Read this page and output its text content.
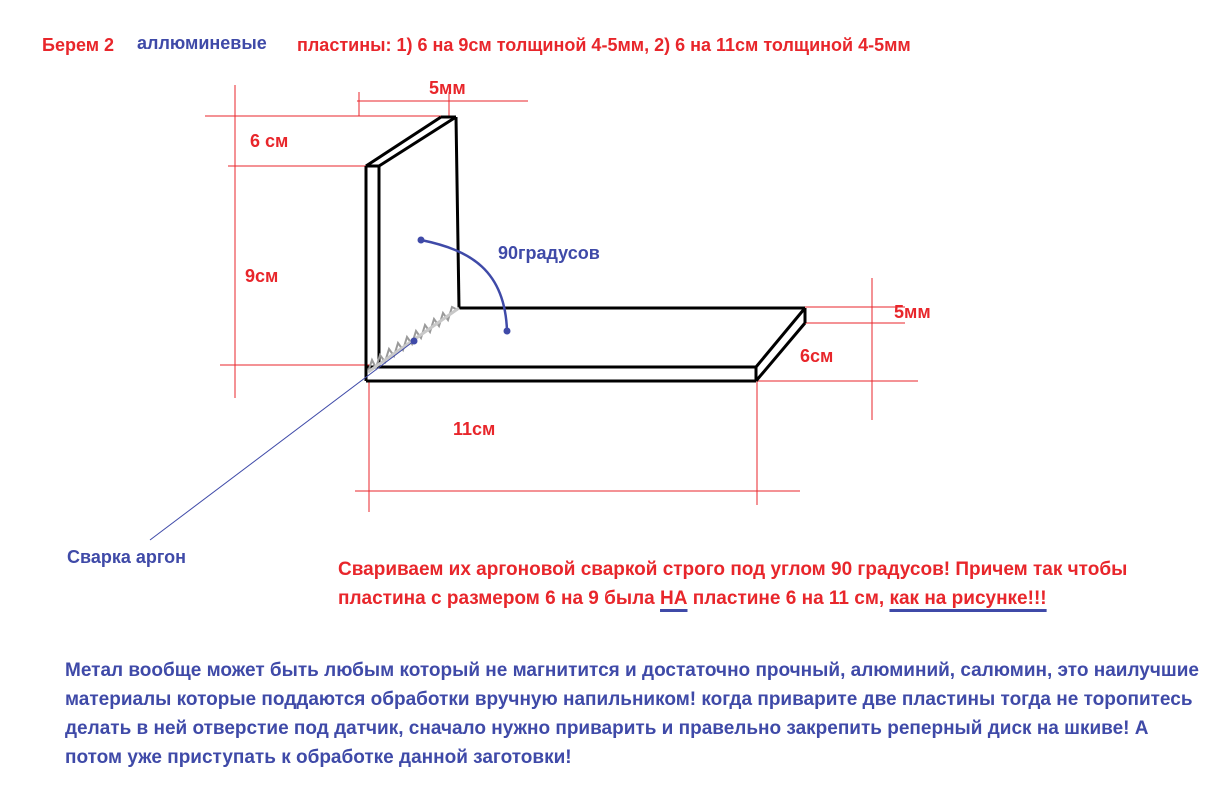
Берем 2 аллюминевые пластины: 1) 6 на 9см толщиной 4-5мм, 2) 6 на 11см толщиной 4-5мм
5мм
6 см
9см
90градусов
5мм
6см
11см
Сварка аргон

Свариваем их аргоновой сваркой строго под углом 90 градусов! Причем так чтобы пластина с размером 6 на 9 была НА пластине 6 на 11 см, как на рисунке!!!

Метал вообще может быть любым который не магнитится и достаточно прочный, алюминий, салюмин, это наилучшие материалы которые поддаются обработки вручную напильником! когда приварите две пластины тогда не торопитесь делать в ней отверстие под датчик, сначало нужно приварить и правельно закрепить реперный диск на шкиве! А потом уже приступать к обработке данной заготовки!
